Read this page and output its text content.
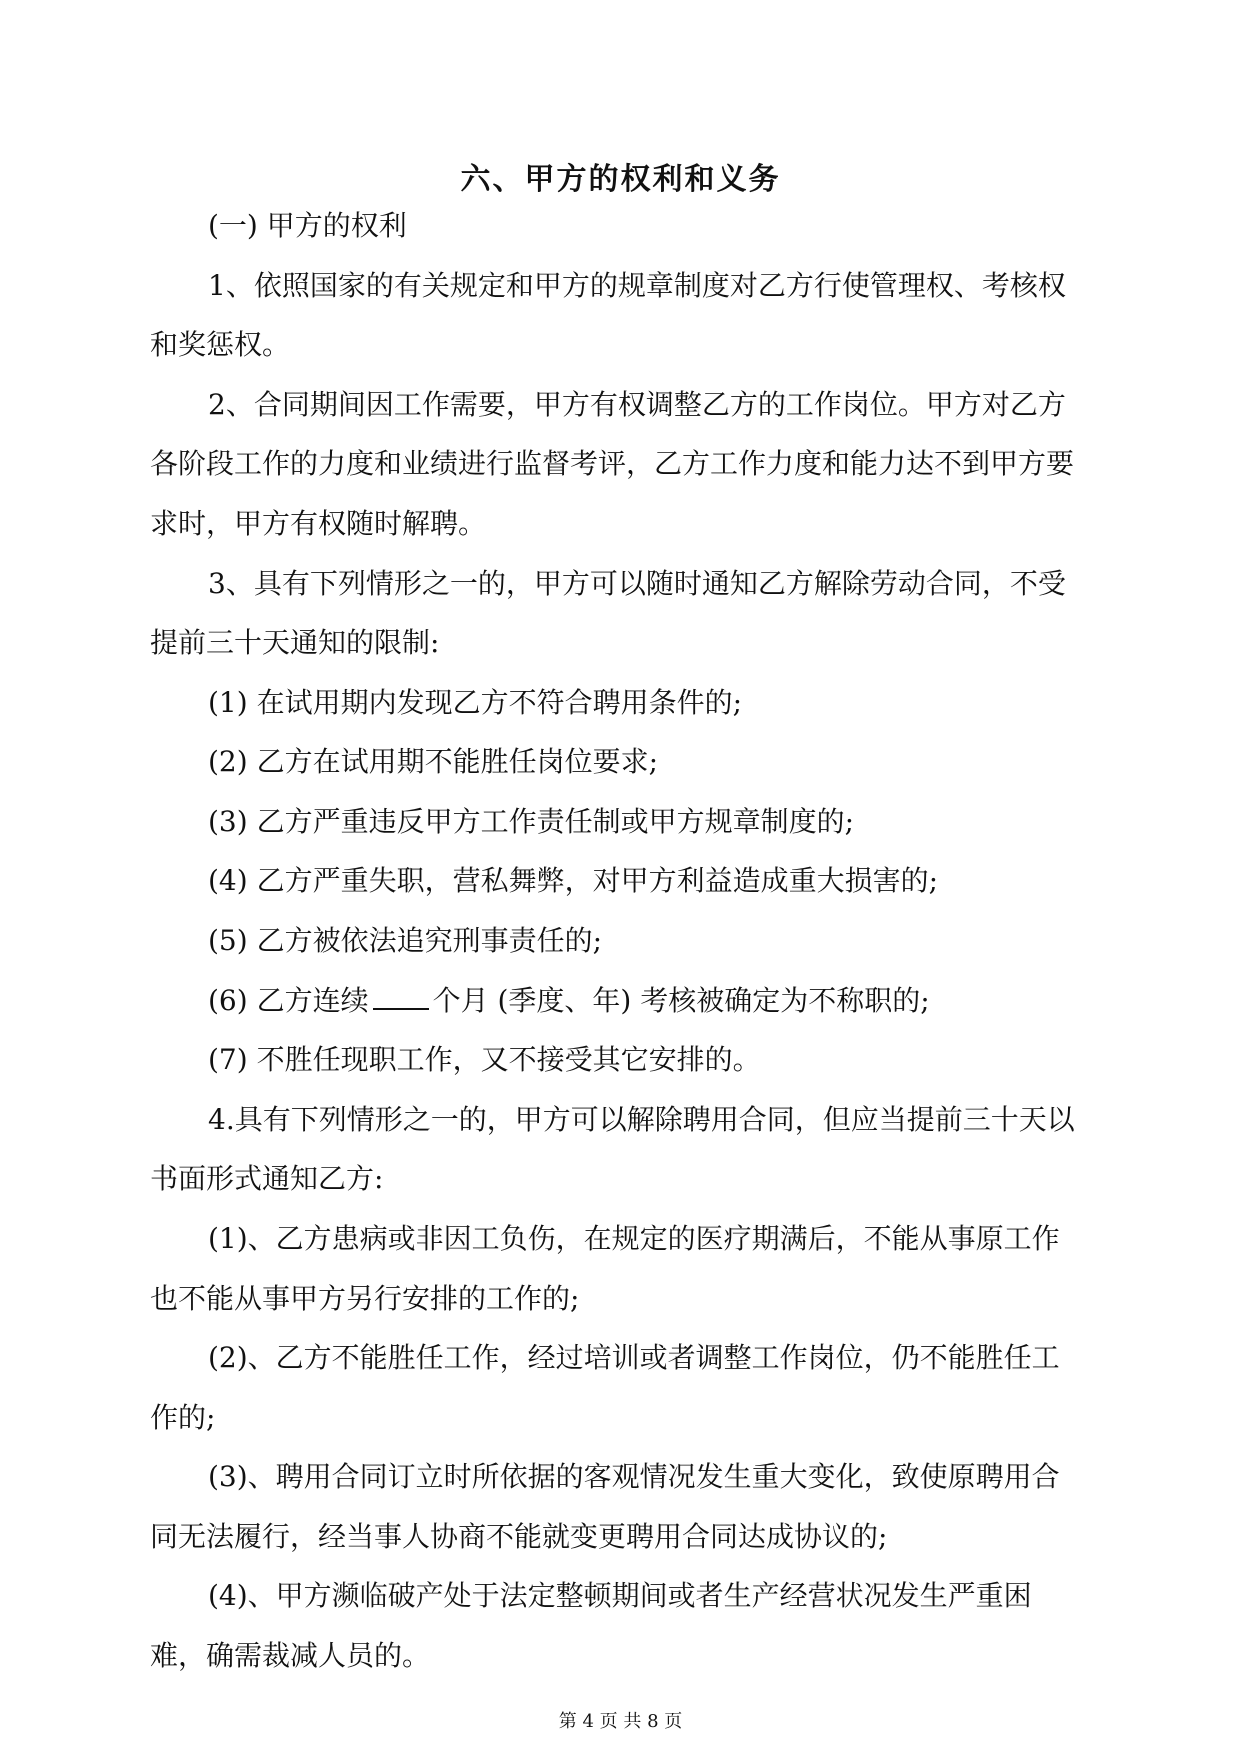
六、甲方的权利和义务
(一) 甲方的权利
1、依照国家的有关规定和甲方的规章制度对乙方行使管理权、考核权
和奖惩权。
2、合同期间因工作需要，甲方有权调整乙方的工作岗位。甲方对乙方
各阶段工作的力度和业绩进行监督考评，乙方工作力度和能力达不到甲方要
求时，甲方有权随时解聘。
3、具有下列情形之一的，甲方可以随时通知乙方解除劳动合同，不受
提前三十天通知的限制:
(1) 在试用期内发现乙方不符合聘用条件的;
(2) 乙方在试用期不能胜任岗位要求;
(3) 乙方严重违反甲方工作责任制或甲方规章制度的;
(4) 乙方严重失职，营私舞弊，对甲方利益造成重大损害的;
(5) 乙方被依法追究刑事责任的;
(6) 乙方连续 个月 (季度、年) 考核被确定为不称职的;
(7) 不胜任现职工作，又不接受其它安排的。
4.具有下列情形之一的，甲方可以解除聘用合同，但应当提前三十天以
书面形式通知乙方:
(1)、乙方患病或非因工负伤，在规定的医疗期满后，不能从事原工作
也不能从事甲方另行安排的工作的;
(2)、乙方不能胜任工作，经过培训或者调整工作岗位，仍不能胜任工
作的;
(3)、聘用合同订立时所依据的客观情况发生重大变化，致使原聘用合
同无法履行，经当事人协商不能就变更聘用合同达成协议的;
(4)、甲方濒临破产处于法定整顿期间或者生产经营状况发生严重困
难，确需裁减人员的。
第 4 页 共 8 页
